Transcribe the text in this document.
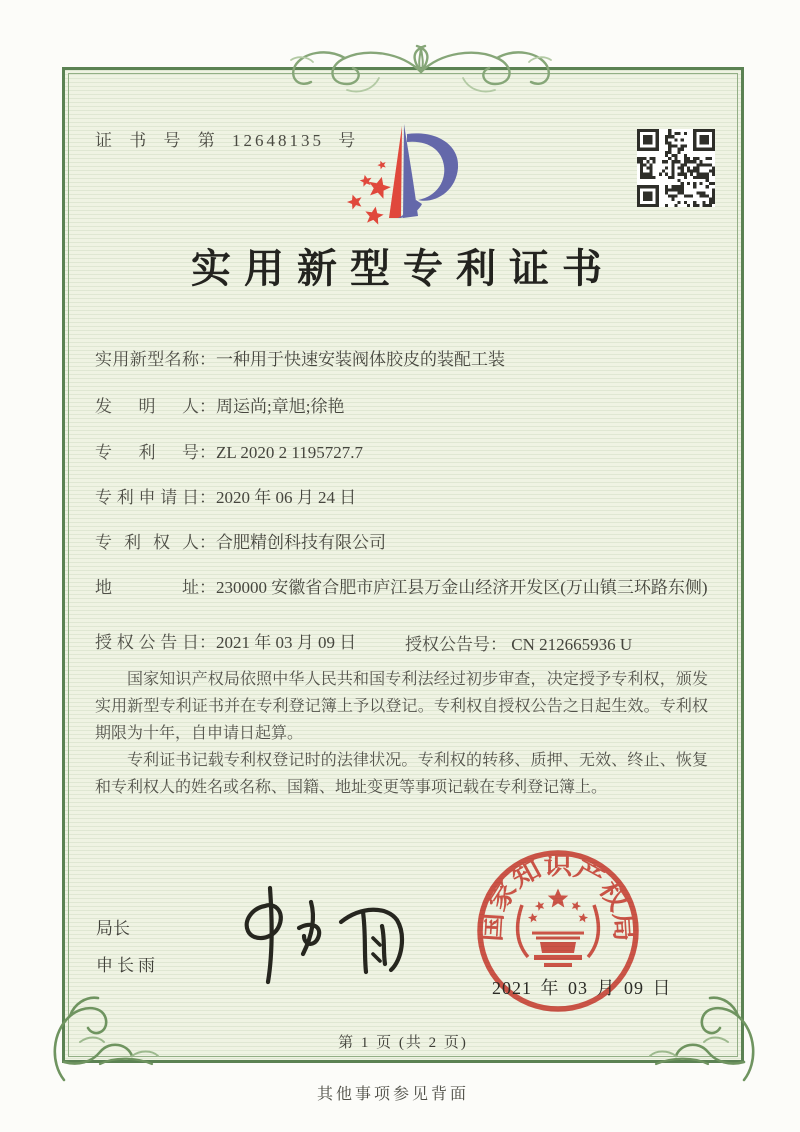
证 书 号 第 12648135 号
实用新型专利证书
实用新型名称 ： 一种用于快速安装阀体胶皮的装配工装
发明人 ： 周运尚;章旭;徐艳
专利号 ： ZL 2020 2 1195727.7
专利申请日 ： 2020 年 06 月 24 日
专利权人 ： 合肥精创科技有限公司
地址 ： 230000 安徽省合肥市庐江县万金山经济开发区(万山镇三环路东侧)
授权公告日 ： 2021 年 03 月 09 日	授权公告号： CN 212665936 U

国家知识产权局依照中华人民共和国专利法经过初步审查，决定授予专利权，颁发实用新型专利证书并在专利登记簿上予以登记。专利权自授权公告之日起生效。专利权期限为十年，自申请日起算。

专利证书记载专利权登记时的法律状况。专利权的转移、质押、无效、终止、恢复和专利权人的姓名或名称、国籍、地址变更等事项记载在专利登记簿上。

局长
申长雨
国家知识产权局
2021 年 03 月 09 日
第 1 页 (共 2 页)
其他事项参见背面
